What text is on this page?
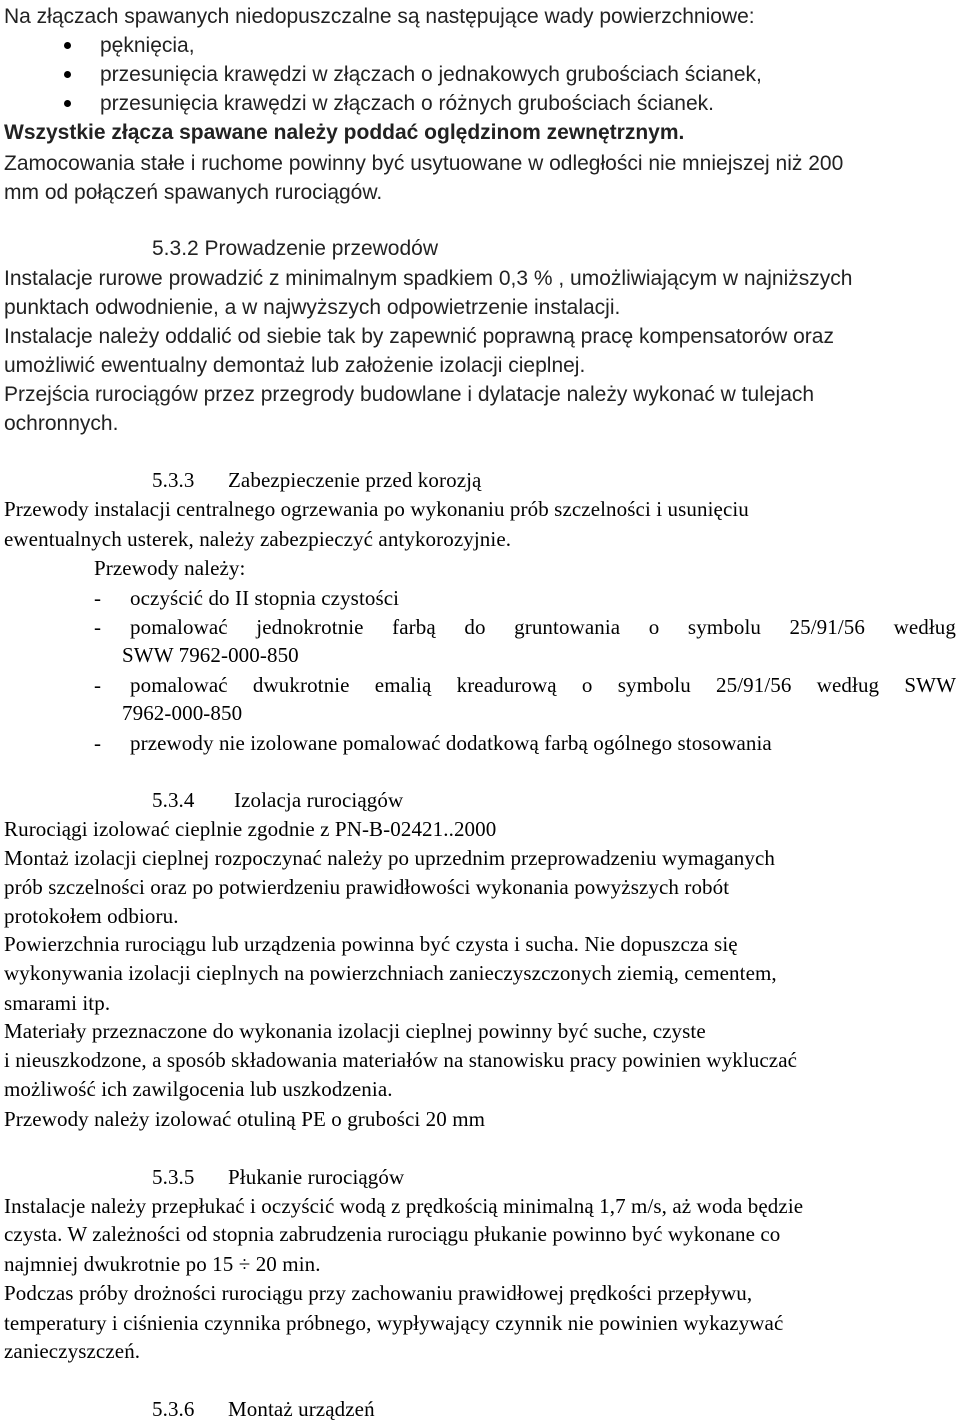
Na złączach spawanych niedopuszczalne są następujące wady powierzchniowe:
pęknięcia,
przesunięcia krawędzi w złączach o jednakowych grubościach ścianek,
przesunięcia krawędzi w złączach o różnych grubościach ścianek.
Wszystkie złącza spawane należy poddać oględzinom zewnętrznym.
Zamocowania stałe i ruchome powinny być usytuowane w odległości nie mniejszej niż 200
mm od połączeń spawanych rurociągów.
5.3.2 Prowadzenie przewodów
Instalacje rurowe prowadzić z minimalnym spadkiem 0,3 % , umożliwiającym w najniższych
punktach odwodnienie, a w najwyższych odpowietrzenie instalacji.
Instalacje należy oddalić od siebie tak by zapewnić poprawną pracę kompensatorów oraz
umożliwić ewentualny demontaż lub założenie izolacji cieplnej.
Przejścia rurociągów przez przegrody budowlane i dylatacje należy wykonać w tulejach
ochronnych.
5.3.3 Zabezpieczenie przed korozją
Przewody instalacji centralnego ogrzewania po wykonaniu prób szczelności i usunięciu
ewentualnych usterek, należy zabezpieczyć antykorozyjnie.
Przewody należy:
- oczyścić do II stopnia czystości
- pomalować jednokrotnie farbą do gruntowania o symbolu 25/91/56 według
SWW 7962-000-850
- pomalować dwukrotnie emalią kreadurową o symbolu 25/91/56 według SWW
7962-000-850
- przewody nie izolowane pomalować dodatkową farbą ogólnego stosowania
5.3.4 Izolacja rurociągów
Rurociągi izolować cieplnie zgodnie z PN-B-02421..2000
Montaż izolacji cieplnej rozpoczynać należy po uprzednim przeprowadzeniu wymaganych
prób szczelności oraz po potwierdzeniu prawidłowości wykonania powyższych robót
protokołem odbioru.
Powierzchnia rurociągu lub urządzenia powinna być czysta i sucha. Nie dopuszcza się
wykonywania izolacji cieplnych na powierzchniach zanieczyszczonych ziemią, cementem,
smarami itp.
Materiały przeznaczone do wykonania izolacji cieplnej powinny być suche, czyste
i nieuszkodzone, a sposób składowania materiałów na stanowisku pracy powinien wykluczać
możliwość ich zawilgocenia lub uszkodzenia.
Przewody należy izolować otuliną PE o grubości 20 mm
5.3.5 Płukanie rurociągów
Instalacje należy przepłukać i oczyścić wodą z prędkością minimalną 1,7 m/s, aż woda będzie
czysta. W zależności od stopnia zabrudzenia rurociągu płukanie powinno być wykonane co
najmniej dwukrotnie po 15 ÷ 20 min.
Podczas próby drożności rurociągu przy zachowaniu prawidłowej prędkości przepływu,
temperatury i ciśnienia czynnika próbnego, wypływający czynnik nie powinien wykazywać
zanieczyszczeń.
5.3.6 Montaż urządzeń
